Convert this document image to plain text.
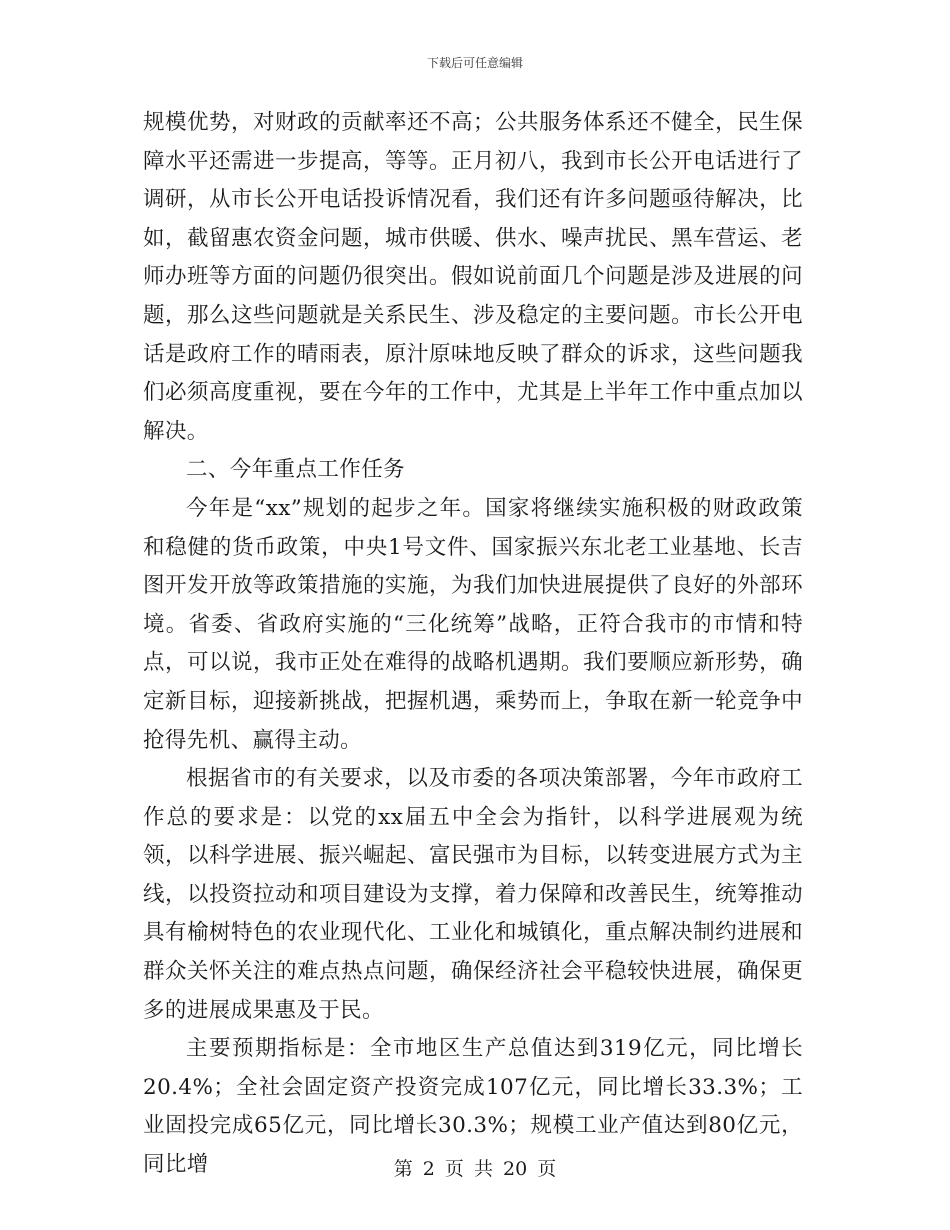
下载后可任意编辑

规模优势，对财政的贡献率还不高；公共服务体系还不健全，民生保障水平还需进一步提高，等等。正月初八，我到市长公开电话进行了调研，从市长公开电话投诉情况看，我们还有许多问题亟待解决，比如，截留惠农资金问题，城市供暖、供水、噪声扰民、黑车营运、老师办班等方面的问题仍很突出。假如说前面几个问题是涉及进展的问题，那么这些问题就是关系民生、涉及稳定的主要问题。市长公开电话是政府工作的晴雨表，原汁原味地反映了群众的诉求，这些问题我们必须高度重视，要在今年的工作中，尤其是上半年工作中重点加以解决。

二、今年重点工作任务

今年是“xx”规划的起步之年。国家将继续实施积极的财政政策和稳健的货币政策，中央1号文件、国家振兴东北老工业基地、长吉图开发开放等政策措施的实施，为我们加快进展提供了良好的外部环境。省委、省政府实施的“三化统筹”战略，正符合我市的市情和特点，可以说，我市正处在难得的战略机遇期。我们要顺应新形势，确定新目标，迎接新挑战，把握机遇，乘势而上，争取在新一轮竞争中抢得先机、赢得主动。

根据省市的有关要求，以及市委的各项决策部署，今年市政府工作总的要求是：以党的xx届五中全会为指针，以科学进展观为统领，以科学进展、振兴崛起、富民强市为目标，以转变进展方式为主线，以投资拉动和项目建设为支撑，着力保障和改善民生，统筹推动具有榆树特色的农业现代化、工业化和城镇化，重点解决制约进展和群众关怀关注的难点热点问题，确保经济社会平稳较快进展，确保更多的进展成果惠及于民。

主要预期指标是：全市地区生产总值达到319亿元，同比增长20.4%；全社会固定资产投资完成107亿元，同比增长33.3%；工业固投完成65亿元，同比增长30.3%；规模工业产值达到80亿元，同比增	第 2 页 共 20 页
